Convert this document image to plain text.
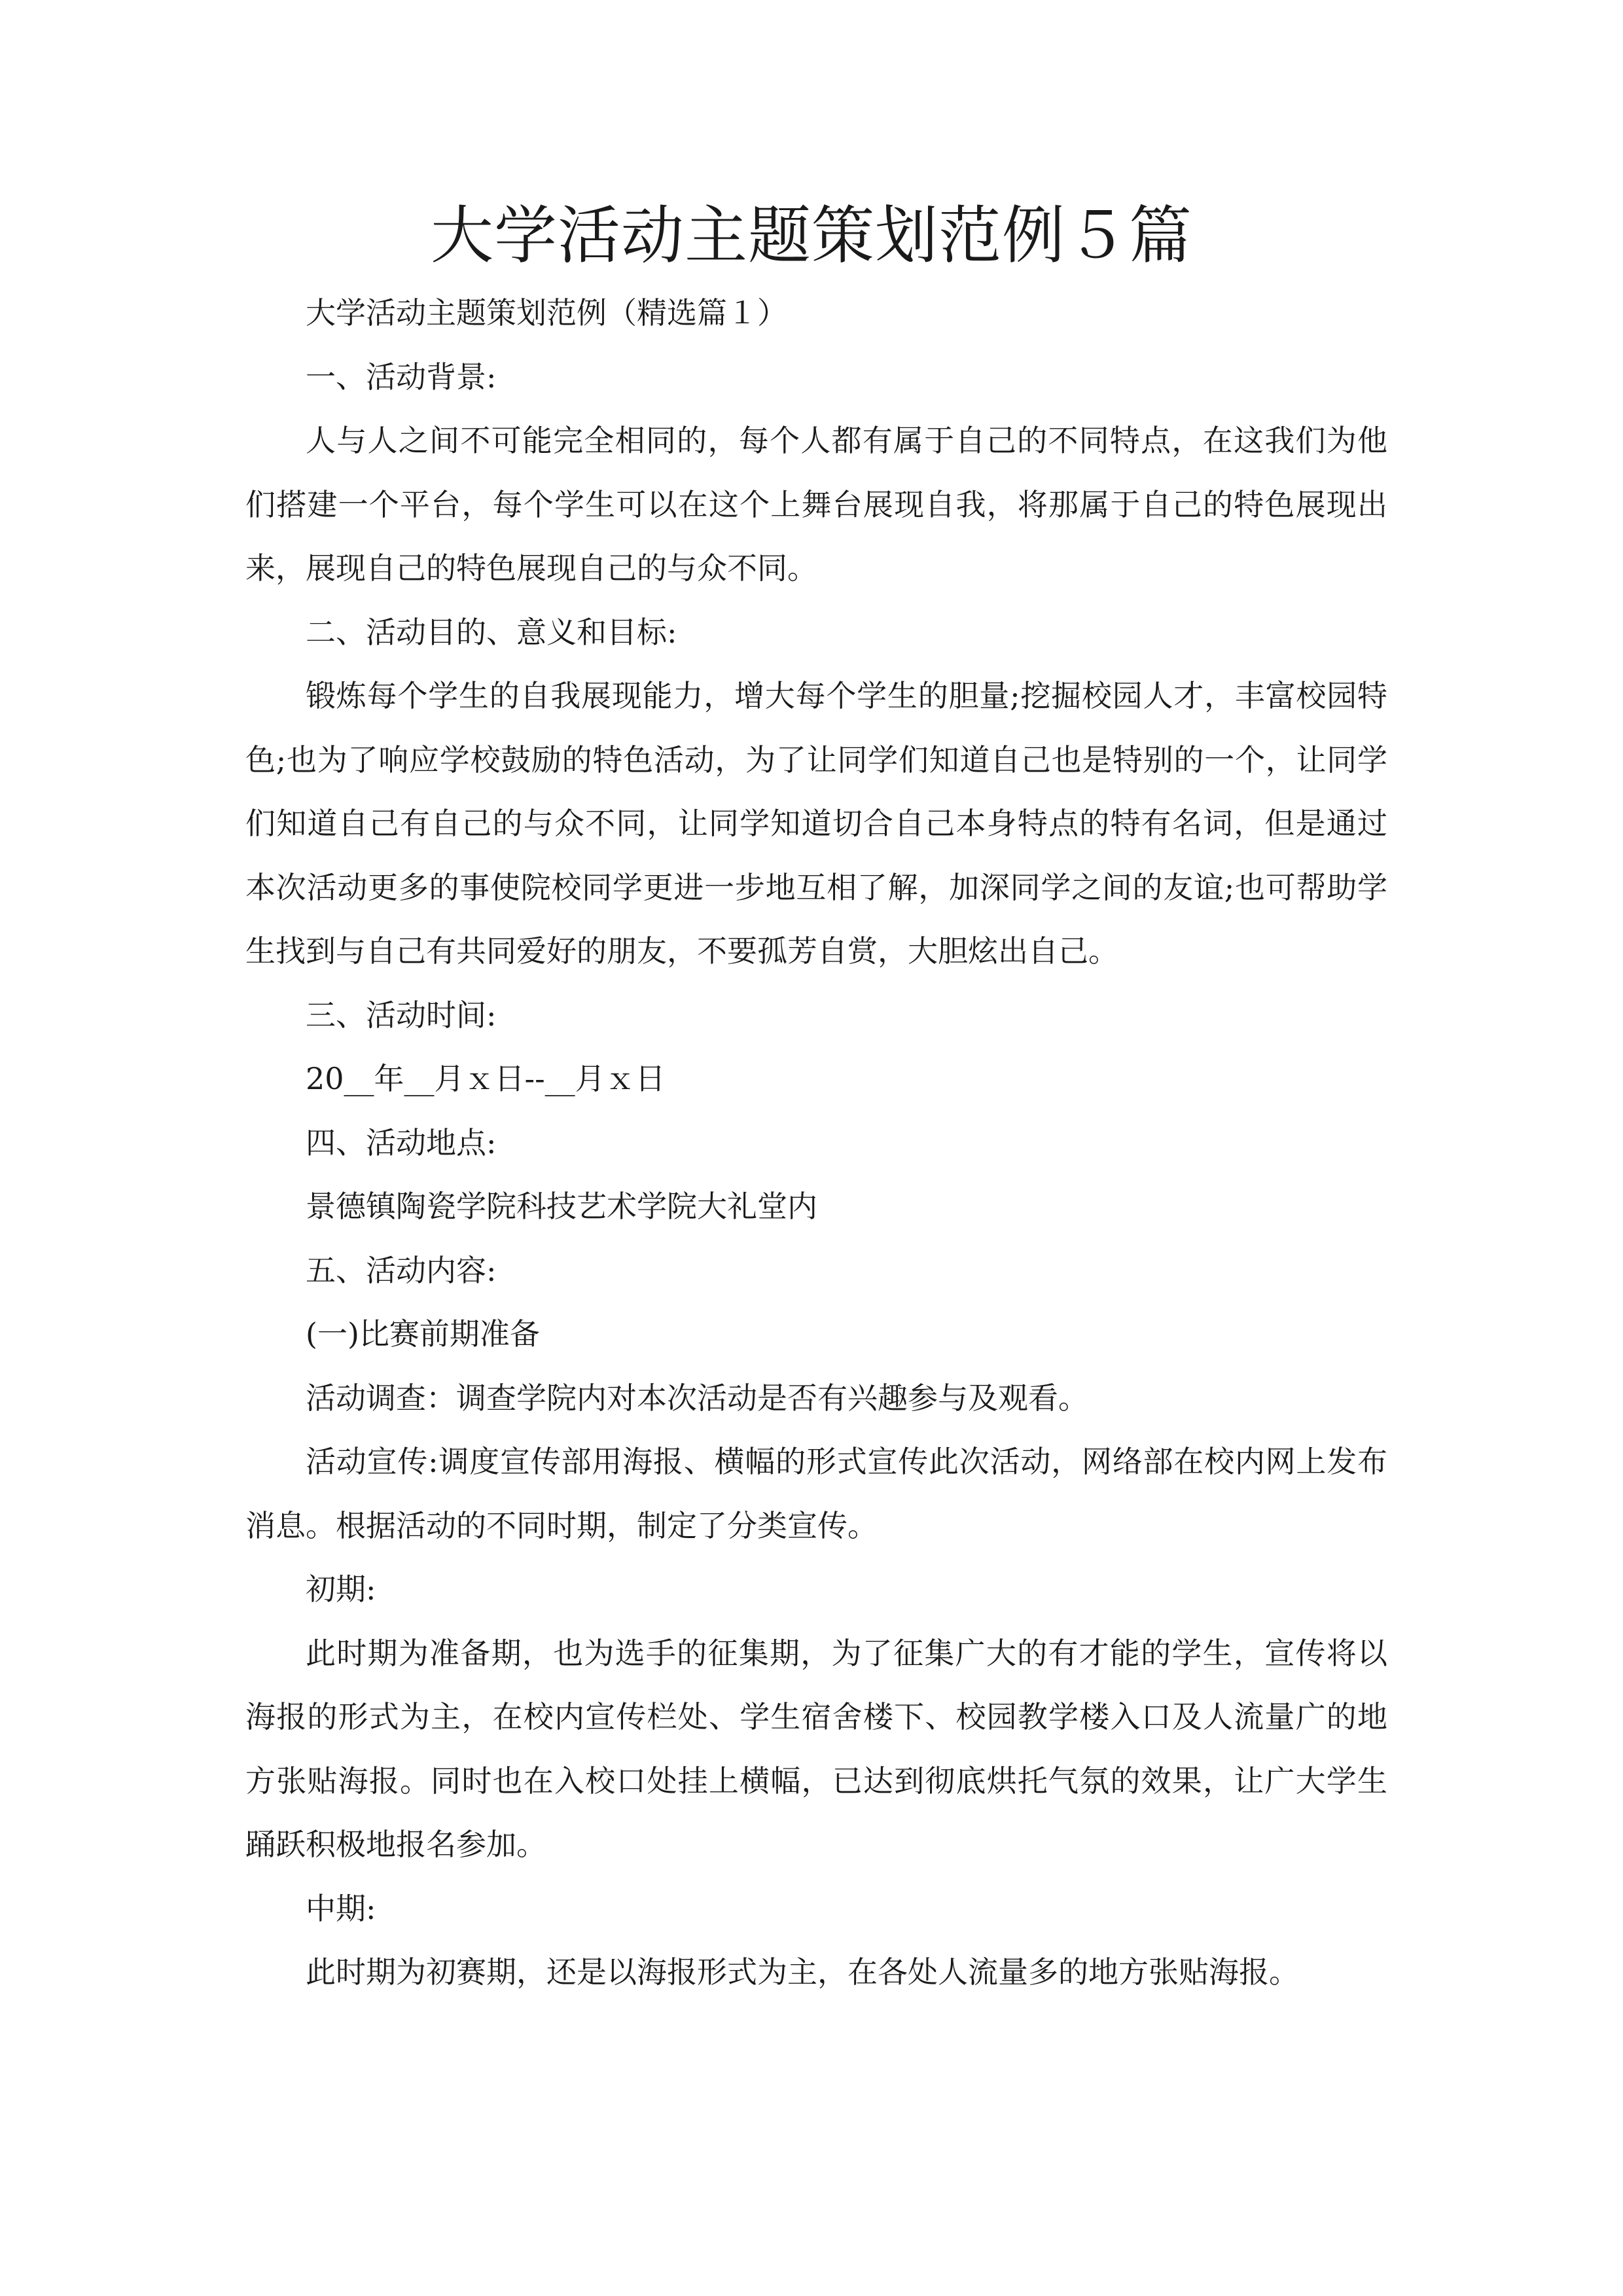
大学活动主题策划范例５篇

大学活动主题策划范例（精选篇１）

一、活动背景:

人与人之间不可能完全相同的，每个人都有属于自己的不同特点，在这我们为他们搭建一个平台，每个学生可以在这个上舞台展现自我，将那属于自己的特色展现出来，展现自己的特色展现自己的与众不同。

二、活动目的、意义和目标:

锻炼每个学生的自我展现能力，增大每个学生的胆量;挖掘校园人才，丰富校园特色;也为了响应学校鼓励的特色活动，为了让同学们知道自己也是特别的一个，让同学们知道自己有自己的与众不同，让同学知道切合自己本身特点的特有名词，但是通过本次活动更多的事使院校同学更进一步地互相了解，加深同学之间的友谊;也可帮助学生找到与自己有共同爱好的朋友，不要孤芳自赏，大胆炫出自己。

三、活动时间:

20__年__月ｘ日--__月ｘ日

四、活动地点:

景德镇陶瓷学院科技艺术学院大礼堂内

五、活动内容:

(一)比赛前期准备

活动调查：调查学院内对本次活动是否有兴趣参与及观看。

活动宣传:调度宣传部用海报、横幅的形式宣传此次活动，网络部在校内网上发布消息。根据活动的不同时期，制定了分类宣传。

初期:

此时期为准备期，也为选手的征集期，为了征集广大的有才能的学生，宣传将以海报的形式为主，在校内宣传栏处、学生宿舍楼下、校园教学楼入口及人流量广的地方张贴海报。同时也在入校口处挂上横幅，已达到彻底烘托气氛的效果，让广大学生踊跃积极地报名参加。

中期:

此时期为初赛期，还是以海报形式为主，在各处人流量多的地方张贴海报。
